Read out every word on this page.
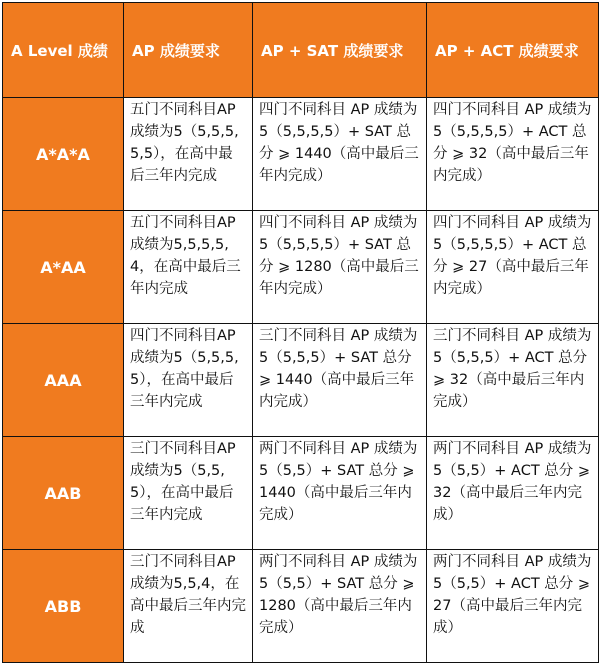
A Level 成绩	AP 成绩要求	AP + SAT 成绩要求	AP + ACT 成绩要求
A*A*A	五门不同科目AP成绩为5（5,5,5,5,5），在高中最后三年内完成	四门不同科目 AP 成绩为 5（5,5,5,5）+ SAT 总分 ⩾ 1440（高中最后三年内完成）	四门不同科目 AP 成绩为 5（5,5,5,5）+ ACT 总分 ⩾ 32（高中最后三年内完成）
A*AA	五门不同科目AP成绩为5,5,5,5,4，在高中最后三年内完成	四门不同科目 AP 成绩为 5（5,5,5,5）+ SAT 总分 ⩾ 1280（高中最后三年内完成）	四门不同科目 AP 成绩为 5（5,5,5,5）+ ACT 总分 ⩾ 27（高中最后三年内完成）
AAA	四门不同科目AP成绩为5（5,5,5,5），在高中最后三年内完成	三门不同科目 AP 成绩为 5（5,5,5）+ SAT 总分 ⩾ 1440（高中最后三年内完成）	三门不同科目 AP 成绩为 5（5,5,5）+ ACT 总分 ⩾ 32（高中最后三年内完成）
AAB	三门不同科目AP成绩为5（5,5,5），在高中最后三年内完成	两门不同科目 AP 成绩为 5（5,5）+ SAT 总分 ⩾ 1440（高中最后三年内完成）	两门不同科目 AP 成绩为 5（5,5）+ ACT 总分 ⩾ 32（高中最后三年内完成）
ABB	三门不同科目AP成绩为5,5,4，在高中最后三年内完成	两门不同科目 AP 成绩为 5（5,5）+ SAT 总分 ⩾ 1280（高中最后三年内完成）	两门不同科目 AP 成绩为 5（5,5）+ ACT 总分 ⩾ 27（高中最后三年内完成）
